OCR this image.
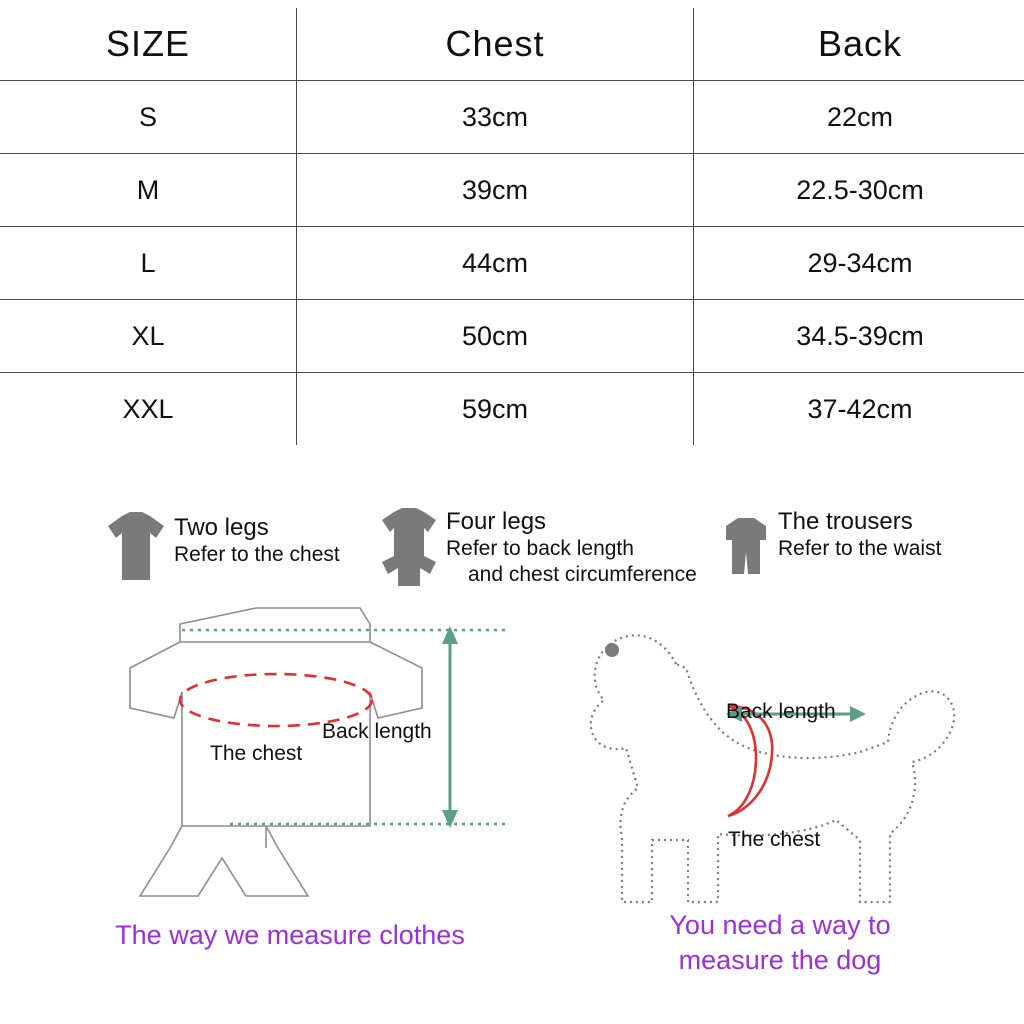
SIZE	Chest	Back
S	33cm	22cm
M	39cm	22.5-30cm
L	44cm	29-34cm
XL	50cm	34.5-39cm
XXL	59cm	37-42cm
Two legs
Refer to the chest
Four legs
Refer to back length
and chest circumference
The trousers
Refer to the waist
The chest
Back length
Back length
The chest
The way we measure clothes	You need a way to
measure the dog
